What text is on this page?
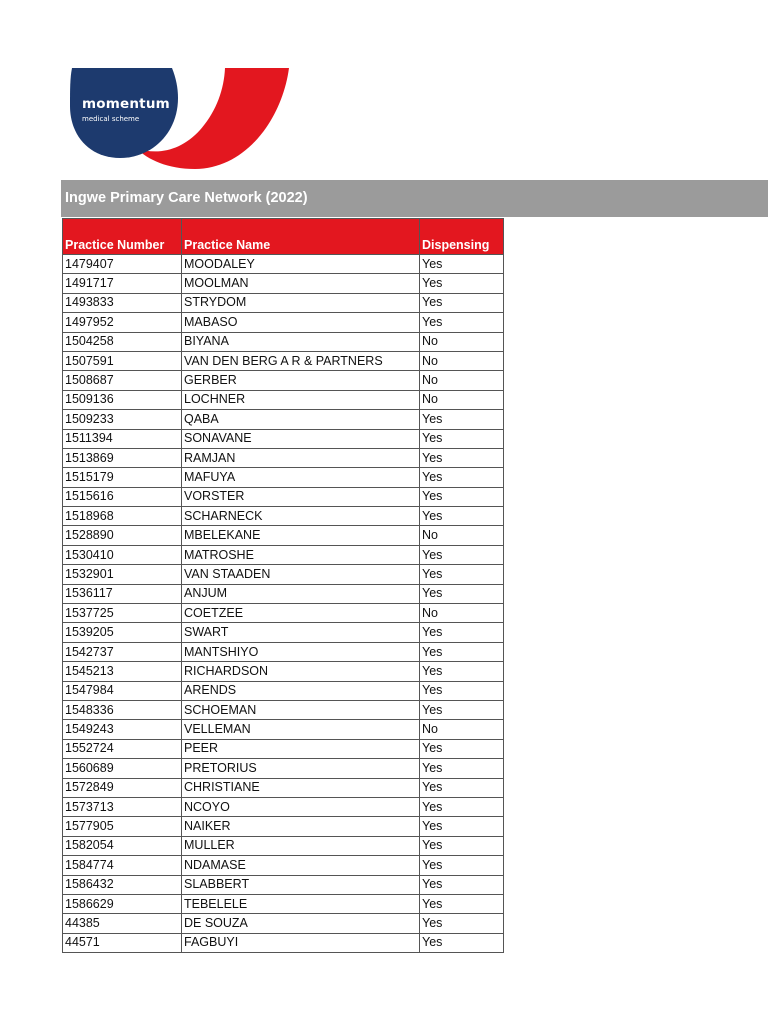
momentum
medical scheme
Ingwe Primary Care Network (2022)
Practice Number	Practice Name	Dispensing
1479407	MOODALEY	Yes
1491717	MOOLMAN	Yes
1493833	STRYDOM	Yes
1497952	MABASO	Yes
1504258	BIYANA	No
1507591	VAN DEN BERG A R & PARTNERS	No
1508687	GERBER	No
1509136	LOCHNER	No
1509233	QABA	Yes
1511394	SONAVANE	Yes
1513869	RAMJAN	Yes
1515179	MAFUYA	Yes
1515616	VORSTER	Yes
1518968	SCHARNECK	Yes
1528890	MBELEKANE	No
1530410	MATROSHE	Yes
1532901	VAN STAADEN	Yes
1536117	ANJUM	Yes
1537725	COETZEE	No
1539205	SWART	Yes
1542737	MANTSHIYO	Yes
1545213	RICHARDSON	Yes
1547984	ARENDS	Yes
1548336	SCHOEMAN	Yes
1549243	VELLEMAN	No
1552724	PEER	Yes
1560689	PRETORIUS	Yes
1572849	CHRISTIANE	Yes
1573713	NCOYO	Yes
1577905	NAIKER	Yes
1582054	MULLER	Yes
1584774	NDAMASE	Yes
1586432	SLABBERT	Yes
1586629	TEBELELE	Yes
44385	DE SOUZA	Yes
44571	FAGBUYI	Yes
